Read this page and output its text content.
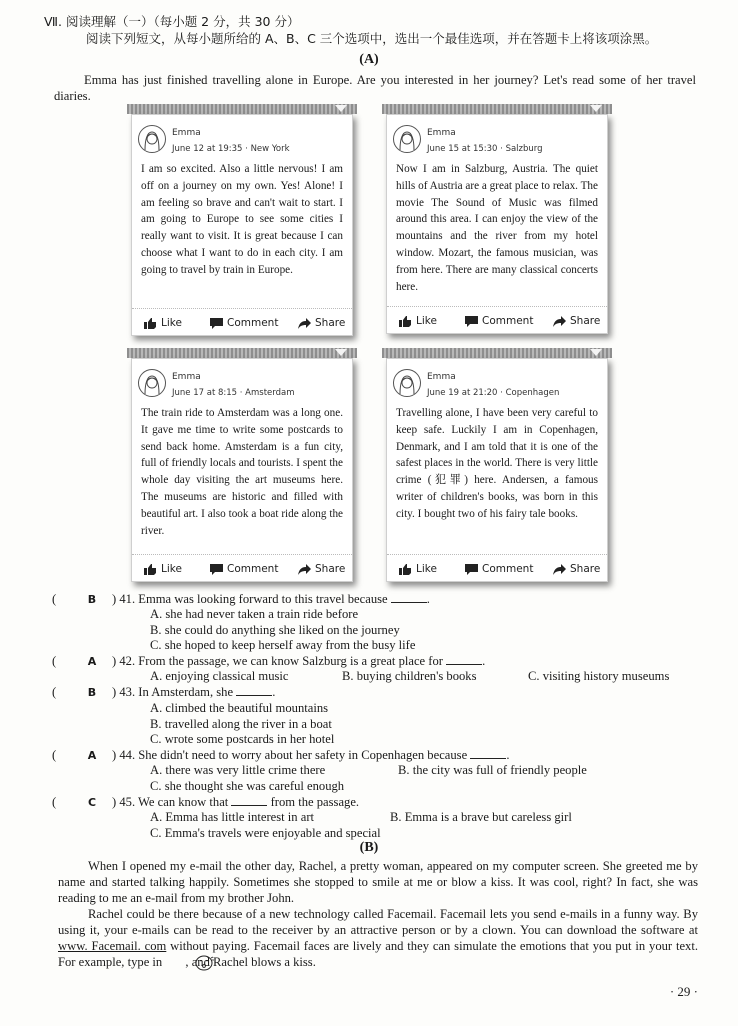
Ⅶ. 阅读理解（一）（每小题 2 分，共 30 分）
阅读下列短文，从每小题所给的 A、B、C 三个选项中，选出一个最佳选项，并在答题卡上将该项涂黑。
(A)
Emma has just finished travelling alone in Europe. Are you interested in her journey? Let's read some of her travel diaries.
Emma
June 12 at 19:35 · New York
I am so excited. Also a little nervous! I am off on a journey on my own. Yes! Alone! I am feeling so brave and can't wait to start. I am going to Europe to see some cities I really want to visit. It is great because I can choose what I want to do in each city. I am going to travel by train in Europe.
Like	Comment	Share
Emma
June 15 at 15:30 · Salzburg
Now I am in Salzburg, Austria. The quiet hills of Austria are a great place to relax. The movie The Sound of Music was filmed around this area. I can enjoy the view of the mountains and the river from my hotel window. Mozart, the famous musician, was from here. There are many classical concerts here.
Like	Comment	Share
Emma
June 17 at 8:15 · Amsterdam
The train ride to Amsterdam was a long one. It gave me time to write some postcards to send back home. Amsterdam is a fun city, full of friendly locals and tourists. I spent the whole day visiting the art museums here. The museums are historic and filled with beautiful art. I also took a boat ride along the river.
Like	Comment	Share
Emma
June 19 at 21:20 · Copenhagen
Travelling alone, I have been very careful to keep safe. Luckily I am in Copenhagen, Denmark, and I am told that it is one of the safest places in the world. There is very little crime (犯罪) here. Andersen, a famous writer of children's books, was born in this city. I bought two of his fairy tale books.
Like	Comment	Share
(	B ) 41. Emma was looking forward to this travel because	.
A. she had never taken a train ride before
B. she could do anything she liked on the journey
C. she hoped to keep herself away from the busy life
(	A ) 42. From the passage, we can know Salzburg is a great place for	.
A. enjoying classical music	B. buying children's books	C. visiting history museums
(	B ) 43. In Amsterdam, she	.
A. climbed the beautiful mountains
B. travelled along the river in a boat
C. wrote some postcards in her hotel
(	A ) 44. She didn't need to worry about her safety in Copenhagen because	.
A. there was very little crime there	B. the city was full of friendly people
C. she thought she was careful enough
(	C ) 45. We can know that	from the passage.
A. Emma has little interest in art	B. Emma is a brave but careless girl
C. Emma's travels were enjoyable and special
(B)
When I opened my e-mail the other day, Rachel, a pretty woman, appeared on my computer screen. She greeted me by name and started talking happily. Sometimes she stopped to smile at me or blow a kiss. It was cool, right? In fact, she was reading to me an e-mail from my brother John.
Rachel could be there because of a new technology called Facemail. Facemail lets you send e-mails in a funny way. By using it, your e-mails can be read to the receiver by an attractive person or by a clown. You can download the software at www. Facemail. com without paying. Facemail faces are lively and they can simulate the emotions that you put in your text. For example, type in , and Rachel blows a kiss.
· 29 ·
